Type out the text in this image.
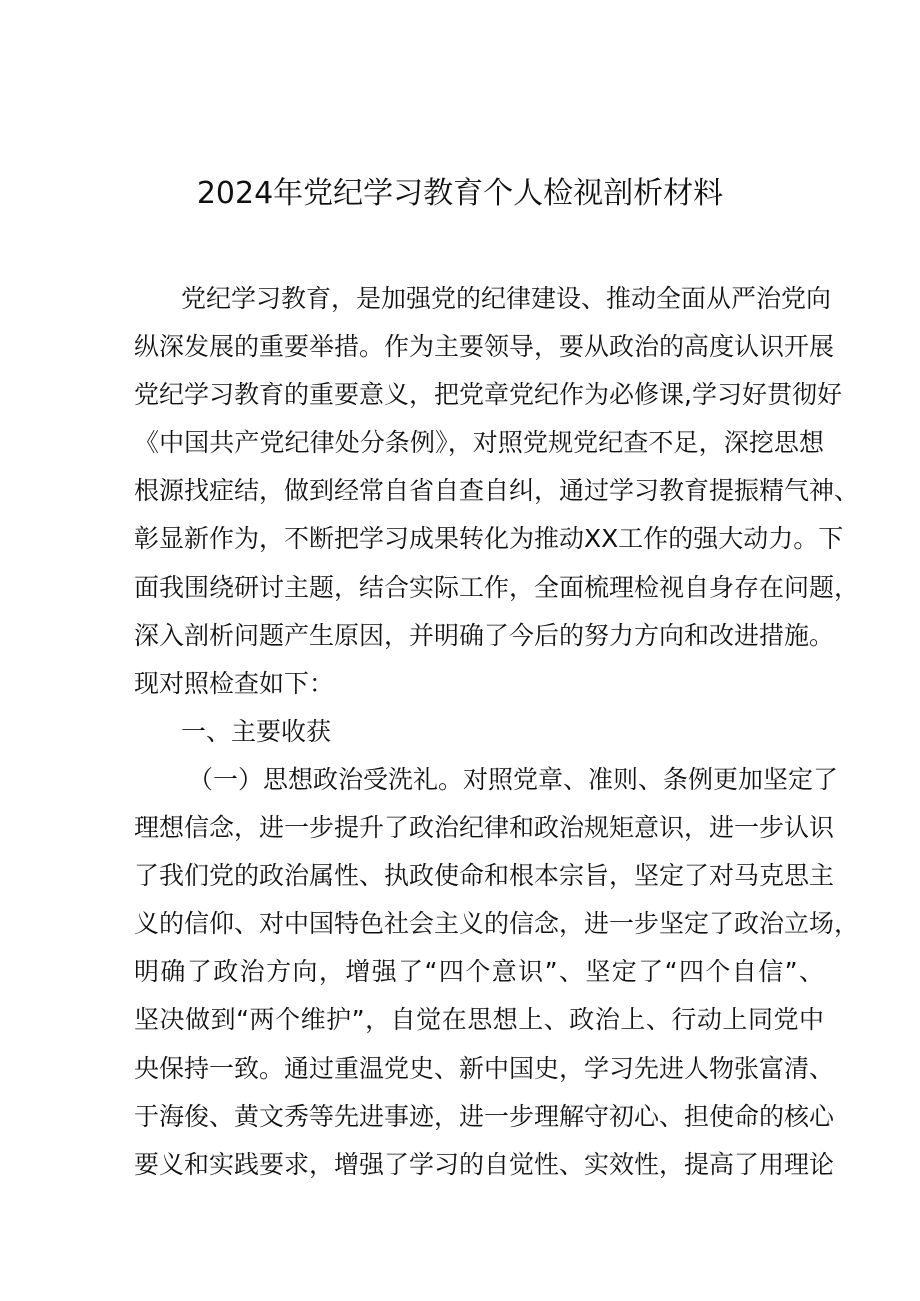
2024年党纪学习教育个人检视剖析材料
党纪学习教育，是加强党的纪律建设、推动全面从严治党向
纵深发展的重要举措。作为主要领导，要从政治的高度认识开展
党纪学习教育的重要意义，把党章党纪作为必修课,学习好贯彻好
《中国共产党纪律处分条例》，对照党规党纪查不足，深挖思想
根源找症结，做到经常自省自查自纠，通过学习教育提振精气神、
彰显新作为，不断把学习成果转化为推动XX工作的强大动力。下
面我围绕研讨主题，结合实际工作，全面梳理检视自身存在问题，
深入剖析问题产生原因，并明确了今后的努力方向和改进措施。
现对照检查如下：
一、主要收获
（一）思想政治受洗礼。对照党章、准则、条例更加坚定了
理想信念，进一步提升了政治纪律和政治规矩意识，进一步认识
了我们党的政治属性、执政使命和根本宗旨，坚定了对马克思主
义的信仰、对中国特色社会主义的信念，进一步坚定了政治立场，
明确了政治方向，增强了“四个意识”、坚定了“四个自信”、
坚决做到“两个维护”，自觉在思想上、政治上、行动上同党中
央保持一致。通过重温党史、新中国史，学习先进人物张富清、
于海俊、黄文秀等先进事迹，进一步理解守初心、担使命的核心
要义和实践要求，增强了学习的自觉性、实效性，提高了用理论
